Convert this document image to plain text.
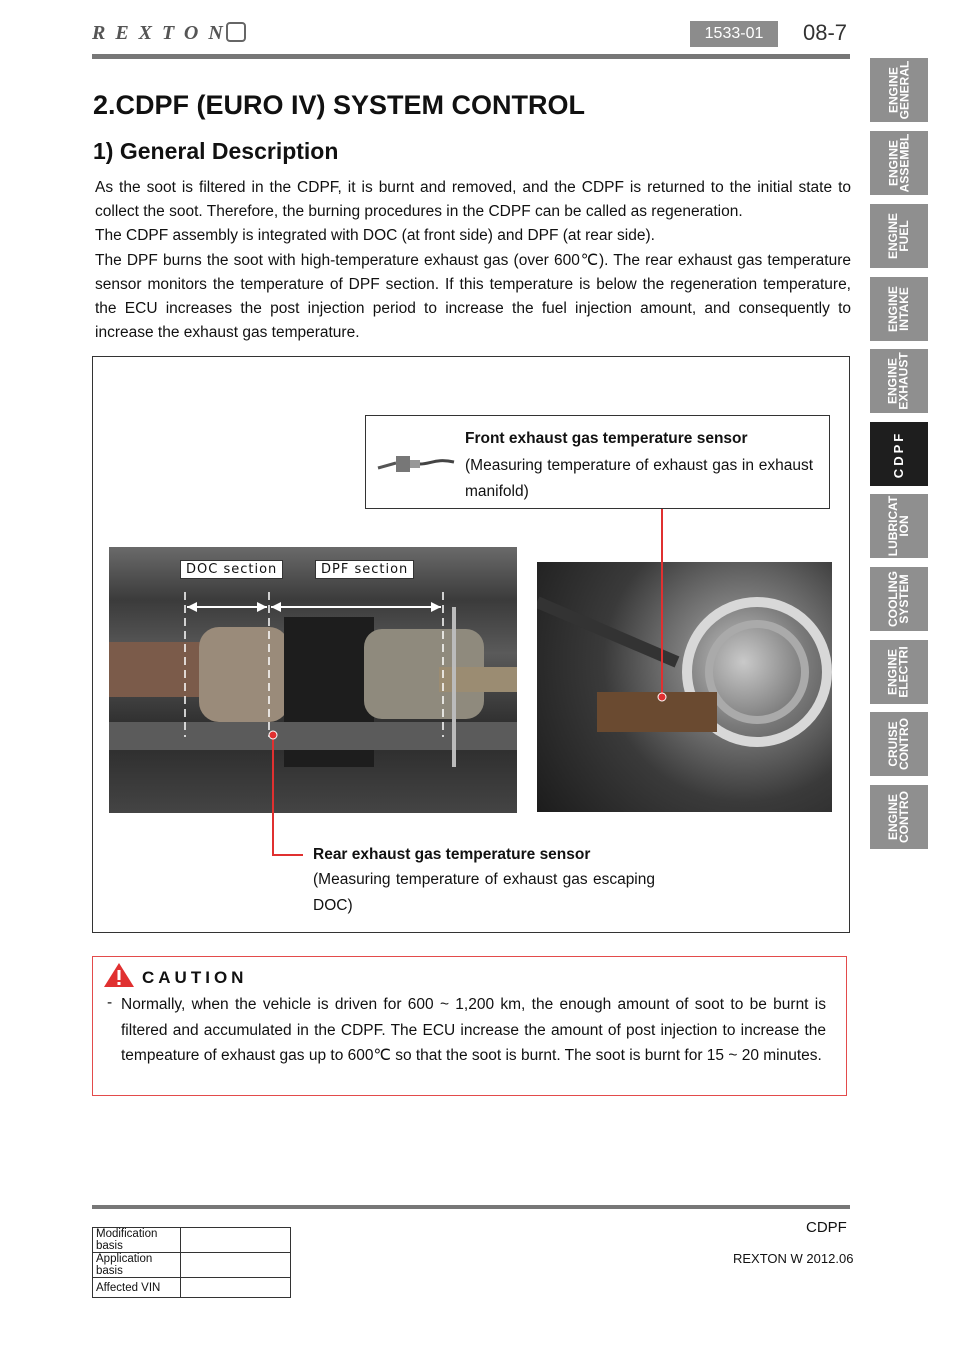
REXTON	1533-01	08-7
ENGINE
GENERAL
ENGINE
ASSEMBL
ENGINE
FUEL
ENGINE
INTAKE
ENGINE
EXHAUST
CDPF
LUBRICAT
ION
COOLING
SYSTEM
ENGINE
ELECTRI
CRUISE
CONTRO
ENGINE
CONTRO
2.CDPF (EURO IV) SYSTEM CONTROL
1) General Description

As the soot is filtered in the CDPF, it is burnt and removed, and the CDPF is returned to the initial state to collect the soot. Therefore, the burning procedures in the CDPF can be called as regeneration.

The CDPF assembly is integrated with DOC (at front side) and DPF (at rear side).

The DPF burns the soot with high-temperature exhaust gas (over 600℃). The rear exhaust gas temperature sensor monitors the temperature of DPF section. If this temperature is below the regeneration temperature, the ECU increases the post injection period to increase the fuel injection amount, and consequently to increase the exhaust gas temperature.

DOC section	DPF section
Front exhaust gas temperature sensor
(Measuring temperature of exhaust gas in exhaust manifold)
Rear exhaust gas temperature sensor
(Measuring temperature of exhaust gas escaping DOC)
CAUTION
- Normally, when the vehicle is driven for 600 ~ 1,200 km, the enough amount of soot to be burnt is filtered and accumulated in the CDPF. The ECU increase the amount of post injection to increase the tempeature of exhaust gas up to 600℃ so that the soot is burnt. The soot is burnt for 15 ~ 20 minutes.
CDPF
REXTON W 2012.06
Modification basis	
Application basis	
Affected VIN	
